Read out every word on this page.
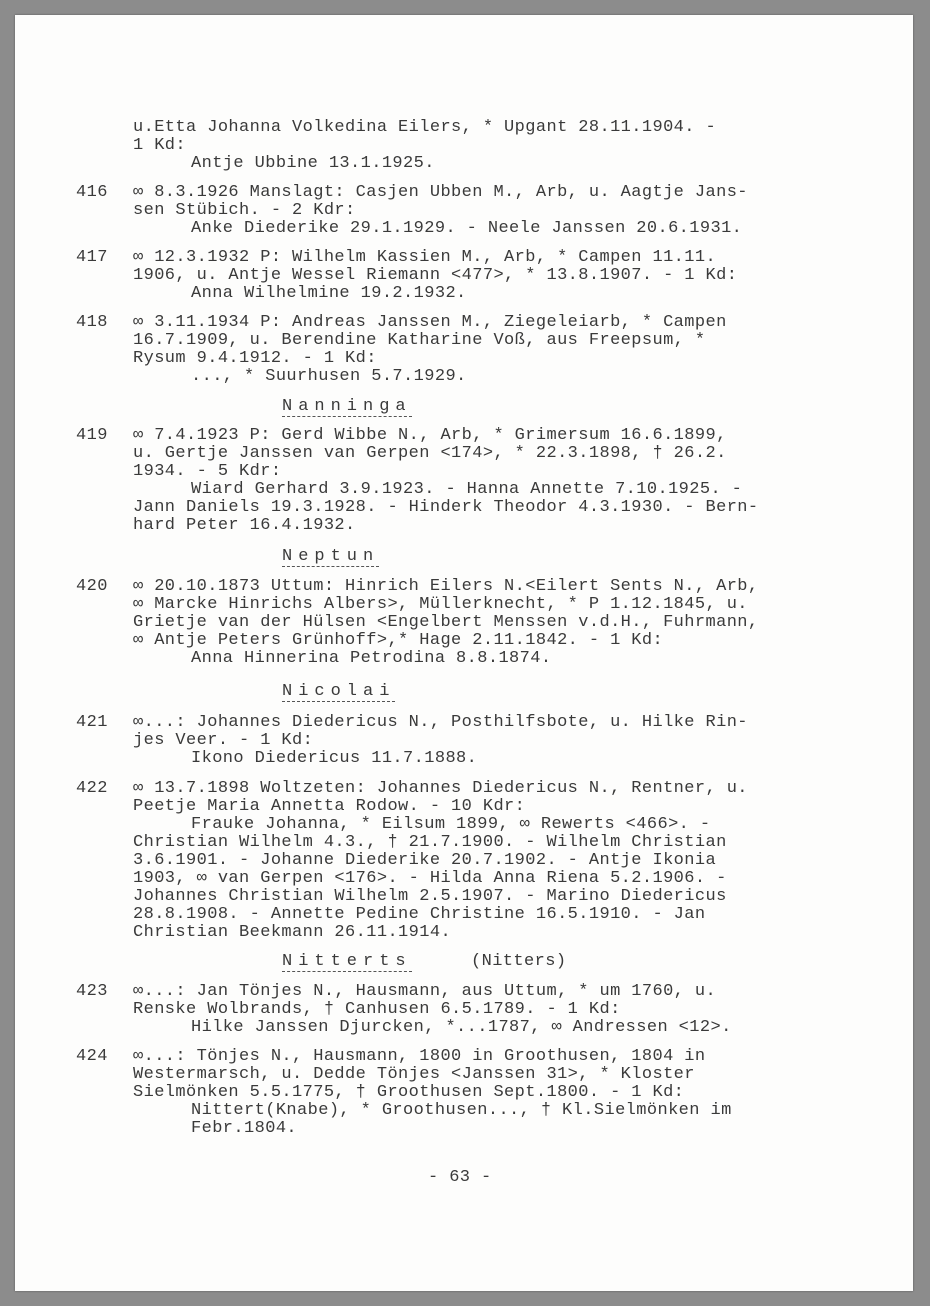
u.Etta Johanna Volkedina Eilers, * Upgant 28.11.1904. -
1 Kd:
Antje Ubbine 13.1.1925.
416 ∞ 8.3.1926 Manslagt: Casjen Ubben M., Arb, u. Aagtje Jans-
sen Stübich. - 2 Kdr:
Anke Diederike 29.1.1929. - Neele Janssen 20.6.1931.
417 ∞ 12.3.1932 P: Wilhelm Kassien M., Arb, * Campen 11.11.
1906, u. Antje Wessel Riemann <477>, * 13.8.1907. - 1 Kd:
Anna Wilhelmine 19.2.1932.
418 ∞ 3.11.1934 P: Andreas Janssen M., Ziegeleiarb, * Campen
16.7.1909, u. Berendine Katharine Voß, aus Freepsum, *
Rysum 9.4.1912. - 1 Kd:
..., * Suurhusen 5.7.1929.
Nanninga
419 ∞ 7.4.1923 P: Gerd Wibbe N., Arb, * Grimersum 16.6.1899,
u. Gertje Janssen van Gerpen <174>, * 22.3.1898, † 26.2.
1934. - 5 Kdr:
Wiard Gerhard 3.9.1923. - Hanna Annette 7.10.1925. -
Jann Daniels 19.3.1928. - Hinderk Theodor 4.3.1930. - Bern-
hard Peter 16.4.1932.
Neptun
420 ∞ 20.10.1873 Uttum: Hinrich Eilers N.<Eilert Sents N., Arb,
∞ Marcke Hinrichs Albers>, Müllerknecht, * P 1.12.1845, u.
Grietje van der Hülsen <Engelbert Menssen v.d.H., Fuhrmann,
∞ Antje Peters Grünhoff>,* Hage 2.11.1842. - 1 Kd:
Anna Hinnerina Petrodina 8.8.1874.
Nicolai
421 ∞...: Johannes Diedericus N., Posthilfsbote, u. Hilke Rin-
jes Veer. - 1 Kd:
Ikono Diedericus 11.7.1888.
422 ∞ 13.7.1898 Woltzeten: Johannes Diedericus N., Rentner, u.
Peetje Maria Annetta Rodow. - 10 Kdr:
Frauke Johanna, * Eilsum 1899, ∞ Rewerts <466>. -
Christian Wilhelm 4.3., † 21.7.1900. - Wilhelm Christian
3.6.1901. - Johanne Diederike 20.7.1902. - Antje Ikonia
1903, ∞ van Gerpen <176>. - Hilda Anna Riena 5.2.1906. -
Johannes Christian Wilhelm 2.5.1907. - Marino Diedericus
28.8.1908. - Annette Pedine Christine 16.5.1910. - Jan
Christian Beekmann 26.11.1914.
Nitterts	(Nitters)
423 ∞...: Jan Tönjes N., Hausmann, aus Uttum, * um 1760, u.
Renske Wolbrands, † Canhusen 6.5.1789. - 1 Kd:
Hilke Janssen Djurcken, *...1787, ∞ Andressen <12>.
424 ∞...: Tönjes N., Hausmann, 1800 in Groothusen, 1804 in
Westermarsch, u. Dedde Tönjes <Janssen 31>, * Kloster
Sielmönken 5.5.1775, † Groothusen Sept.1800. - 1 Kd:
Nittert(Knabe), * Groothusen..., † Kl.Sielmönken im
Febr.1804.
- 63 -
